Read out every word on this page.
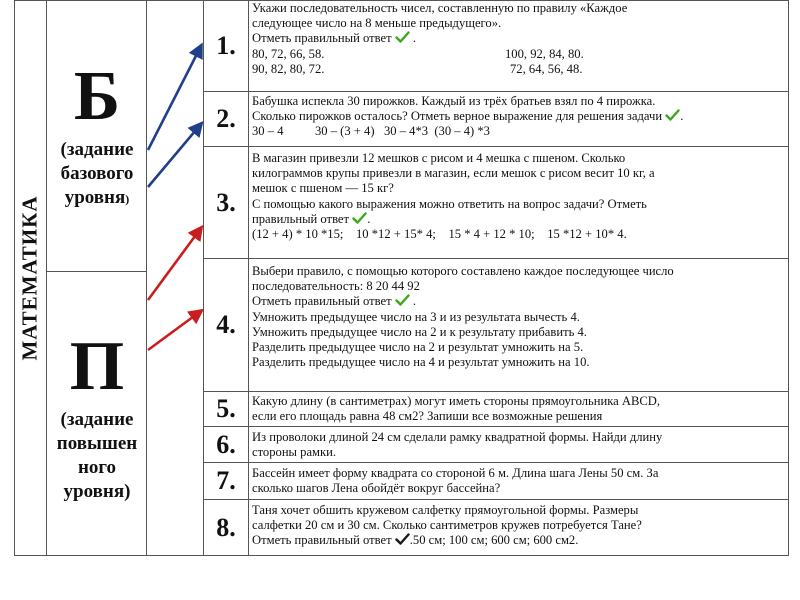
МАТЕМАТИКА
Б
(задание
базового
уровня)
П
(задание
повышен
ного
уровня)
1.
Укажи последовательность чисел, составленную по правилу «Каждое
следующее число на 8 меньше предыдущего».
Отметь правильный ответ  .
80, 72, 66, 58.	100, 92, 84, 80.
90, 82, 80, 72.	72, 64, 56, 48.
2.
Бабушка испекла 30 пирожков. Каждый из трёх братьев взял по 4 пирожка.
Сколько пирожков осталось? Отметь верное выражение для решения задачи .
30 – 4          30 – (3 + 4)   30 – 4*3  (30 – 4) *3
3.
В магазин привезли 12 мешков с рисом и 4 мешка с пшеном. Сколько
килограммов крупы привезли в магазин, если мешок с рисом весит 10 кг, а
мешок с пшеном — 15 кг?
С помощью какого выражения можно ответить на вопрос задачи? Отметь
правильный ответ .
(12 + 4) * 10 *15;    10 *12 + 15* 4;    15 * 4 + 12 * 10;    15 *12 + 10* 4.
4.
Выбери правило, с помощью которого составлено каждое последующее число
последовательность: 8 20 44 92
Отметь правильный ответ  .
Умножить предыдущее число на 3 и из результата вычесть 4.
Умножить предыдущее число на 2 и к результату прибавить 4.
Разделить предыдущее число на 2 и результат умножить на 5.
Разделить предыдущее число на 4 и результат умножить на 10.
5.	Какую длину (в сантиметрах) могут иметь стороны прямоугольника ABCD,
если его площадь равна 48 см2? Запиши все возможные решения
6.	Из проволоки длиной 24 см сделали рамку квадратной формы. Найди длину
стороны рамки.
7.	Бассейн имеет форму квадрата со стороной 6 м. Длина шага Лены 50 см. За
сколько шагов Лена обойдёт вокруг бассейна?
8.
Таня хочет обшить кружевом салфетку прямоугольной формы. Размеры
салфетки 20 см и 30 см. Сколько сантиметров кружев потребуется Тане?
Отметь правильный ответ .50 см; 100 см; 600 см; 600 см2.
